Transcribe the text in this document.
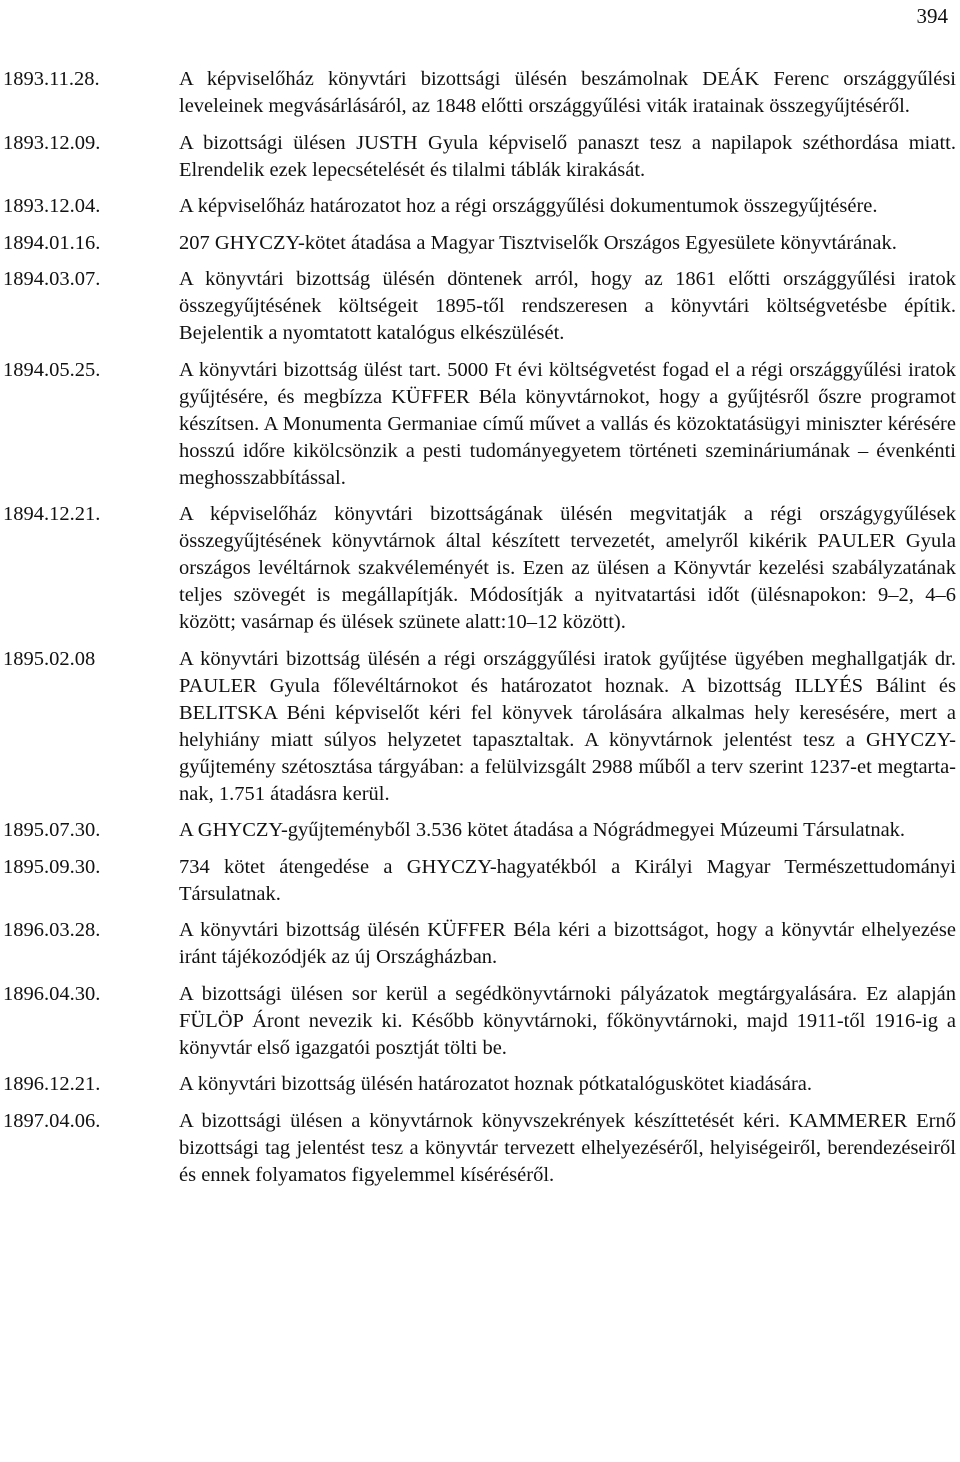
394
1893.11.28.	A képviselőház könyvtári bizottsági ülésén beszámolnak DEÁK Ferenc országgyűlési leveleinek megvásárlásáról, az 1848 előtti országgyűlési viták iratainak összegyűjtéséről.
1893.12.09.	A bizottsági ülésen JUSTH Gyula képviselő panaszt tesz a napilapok széthordása miatt. Elrendelik ezek lepecsételését és tilalmi táblák kirakását.
1893.12.04.	A képviselőház határozatot hoz a régi országgyűlési dokumentumok összegyűjtésére.
1894.01.16.	207 GHYCZY-kötet átadása a Magyar Tisztviselők Országos Egyesülete könyvtárának.
1894.03.07.	A könyvtári bizottság ülésén döntenek arról, hogy az 1861 előtti országgyűlési iratok összegyűjtésének költségeit 1895-től rendszeresen a könyvtári költségvetésbe építik. Bejelentik a nyomtatott katalógus elkészülését.
1894.05.25.	A könyvtári bizottság ülést tart. 5000 Ft évi költségvetést fogad el a régi országgyűlési iratok gyűjtésére, és megbízza KÜFFER Béla könyvtárnokot, hogy a gyűjtésről őszre programot készítsen. A Monumenta Germaniae című művet a vallás és közoktatásügyi miniszter kérésére hosszú időre kikölcsönzik a pesti tudományegyetem történeti szemináriumának – évenkénti meghosszabbítással.
1894.12.21.	A képviselőház könyvtári bizottságának ülésén megvitatják a régi országygyűlések összegyűjtésének könyvtárnok által készített tervezetét, amelyről kikérik PAULER Gyula országos levéltárnok szakvéleményét is. Ezen az ülésen a Könyvtár kezelési szabályzatának teljes szövegét is megállapítják. Módosítják a nyitvatartási időt (ülésnapokon: 9–2, 4–6 között; vasárnap és ülések szünete alatt:10–12 között).
1895.02.08	A könyvtári bizottság ülésén a régi országgyűlési iratok gyűjtése ügyében meghallgatják dr. PAULER Gyula főlevéltárnokot és határozatot hoznak. A bizottság ILLYÉS Bálint és BELITSKA Béni képviselőt kéri fel könyvek tárolására alkalmas hely keresésére, mert a helyhiány miatt súlyos helyzetet tapasztaltak. A könyvtárnok jelentést tesz a GHYCZY-gyűjtemény szétosztása tárgyában: a felülvizsgált 2988 műből a terv szerint 1237-et megtartanak, 1.751 átadásra kerül.
1895.07.30.	A GHYCZY-gyűjteményből 3.536 kötet átadása a Nógrádmegyei Múzeumi Társulatnak.
1895.09.30.	734 kötet átengedése a GHYCZY-hagyatékból a Királyi Magyar Természettudományi Társulatnak.
1896.03.28.	A könyvtári bizottság ülésén KÜFFER Béla kéri a bizottságot, hogy a könyvtár elhelyezése iránt tájékozódjék az új Országházban.
1896.04.30.	A bizottsági ülésen sor kerül a segédkönyvtárnoki pályázatok megtárgyalására. Ez alapján FÜLÖP Áront nevezik ki. Később könyvtárnoki, főkönyvtárnoki, majd 1911-től 1916-ig a könyvtár első igazgatói posztját tölti be.
1896.12.21.	A könyvtári bizottság ülésén határozatot hoznak pótkatalóguskötet kiadására.
1897.04.06.	A bizottsági ülésen a könyvtárnok könyvszekrények készíttetését kéri. KAMMERER Ernő bizottsági tag jelentést tesz a könyvtár tervezett elhelyezéséről, helyiségeiről, berendezéseiről és ennek folyamatos figyelemmel kíséréséről.
